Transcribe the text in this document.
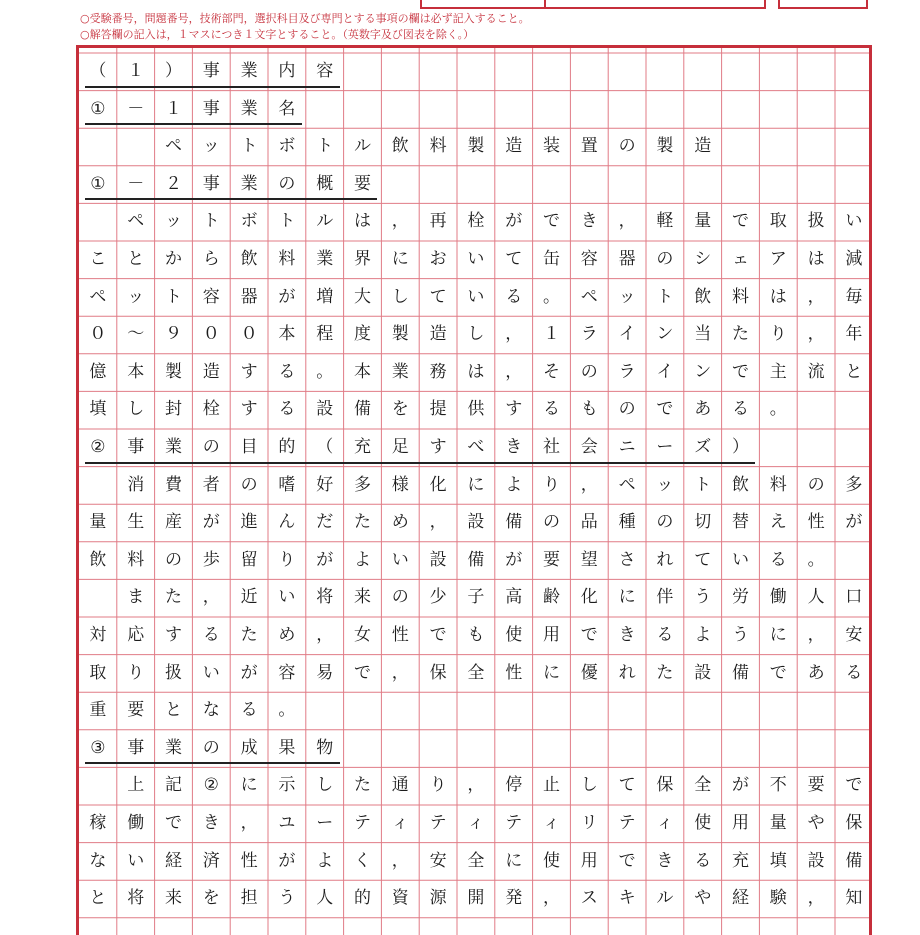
○受験番号，問題番号，技術部門，選択科目及び専門とする事項の欄は必ず記入すること。
○解答欄の記入は，１マスにつき１文字とすること。（英数字及び図表を除く。）
（	１	）	事	業	内	容
①	－	１	事	業	名
ペ	ッ	ト	ボ	ト	ル	飲	料	製	造	装	置	の	製	造
①	－	２	事	業	の	概	要
ペ	ッ	ト	ボ	ト	ル	は	，	再	栓	が	で	き	，	軽	量	で	取	扱	い
こ	と	か	ら	飲	料	業	界	に	お	い	て	缶	容	器	の	シ	ェ	ア	は	減
ペ	ッ	ト	容	器	が	増	大	し	て	い	る	。	ペ	ッ	ト	飲	料	は	，	毎
０	～	９	０	０	本	程	度	製	造	し	，	１	ラ	イ	ン	当	た	り	，	年
億	本	製	造	す	る	。	本	業	務	は	，	そ	の	ラ	イ	ン	で	主	流	と
填	し	封	栓	す	る	設	備	を	提	供	す	る	も	の	で	あ	る	。
②	事	業	の	目	的	（	充	足	す	べ	き	社	会	ニ	ー	ズ	）
消	費	者	の	嗜	好	多	様	化	に	よ	り	，	ペ	ッ	ト	飲	料	の	多
量	生	産	が	進	ん	だ	た	め	，	設	備	の	品	種	の	切	替	え	性	が
飲	料	の	歩	留	り	が	よ	い	設	備	が	要	望	さ	れ	て	い	る	。
ま	た	，	近	い	将	来	の	少	子	高	齢	化	に	伴	う	労	働	人	口
対	応	す	る	た	め	，	女	性	で	も	使	用	で	き	る	よ	う	に	，	安
取	り	扱	い	が	容	易	で	，	保	全	性	に	優	れ	た	設	備	で	あ	る
重	要	と	な	る	。
③	事	業	の	成	果	物
上	記	②	に	示	し	た	通	り	，	停	止	し	て	保	全	が	不	要	で
稼	働	で	き	，	ユ	ー	テ	ィ	テ	ィ	テ	ィ	リ	テ	ィ	使	用	量	や	保
な	い	経	済	性	が	よ	く	，	安	全	に	使	用	で	き	る	充	填	設	備
と	将	来	を	担	う	人	的	資	源	開	発	，	ス	キ	ル	や	経	験	，	知
